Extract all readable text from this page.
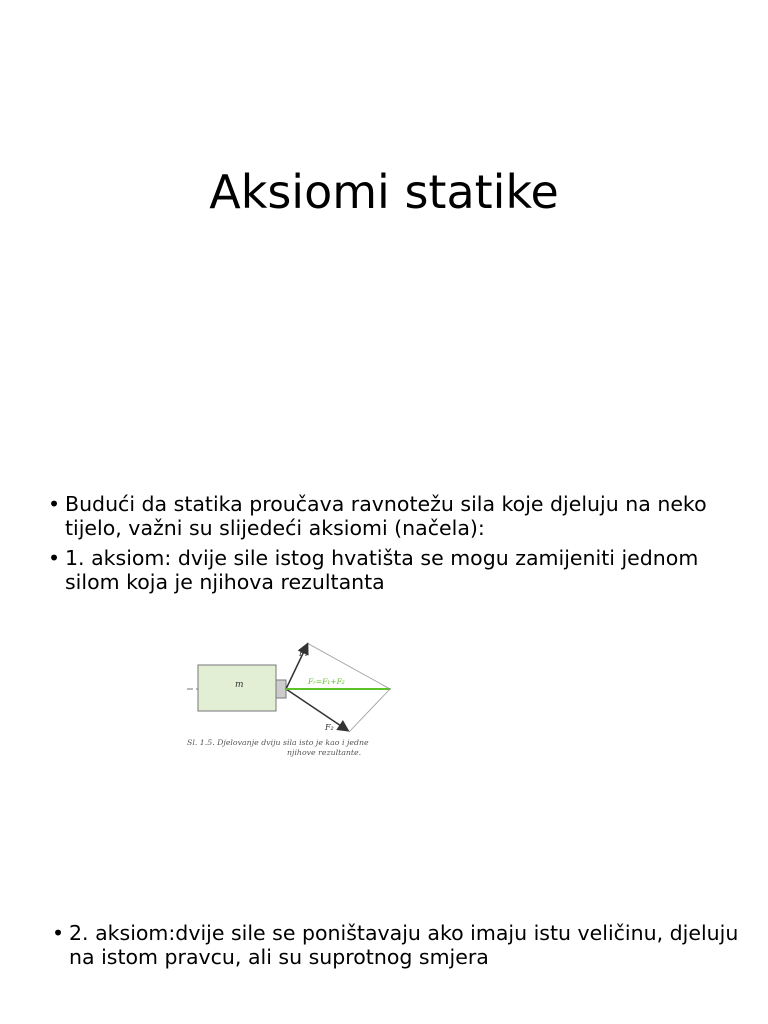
Aksiomi statike
• Budući da statika proučava ravnotežu sila koje djeluju na neko tijelo, važni su slijedeći aksiomi (načela):
• 1. aksiom: dvije sile istog hvatišta se mogu zamijeniti jednom silom koja je njihova rezultanta
m
F₁
F₂
Fᵣ=F₁+F₂
Sl. 1.5. Djelovanje dviju sila isto je kao i jedne
njihove rezultante.
• 2. aksiom:dvije sile se poništavaju ako imaju istu veličinu, djeluju na istom pravcu, ali su suprotnog smjera
